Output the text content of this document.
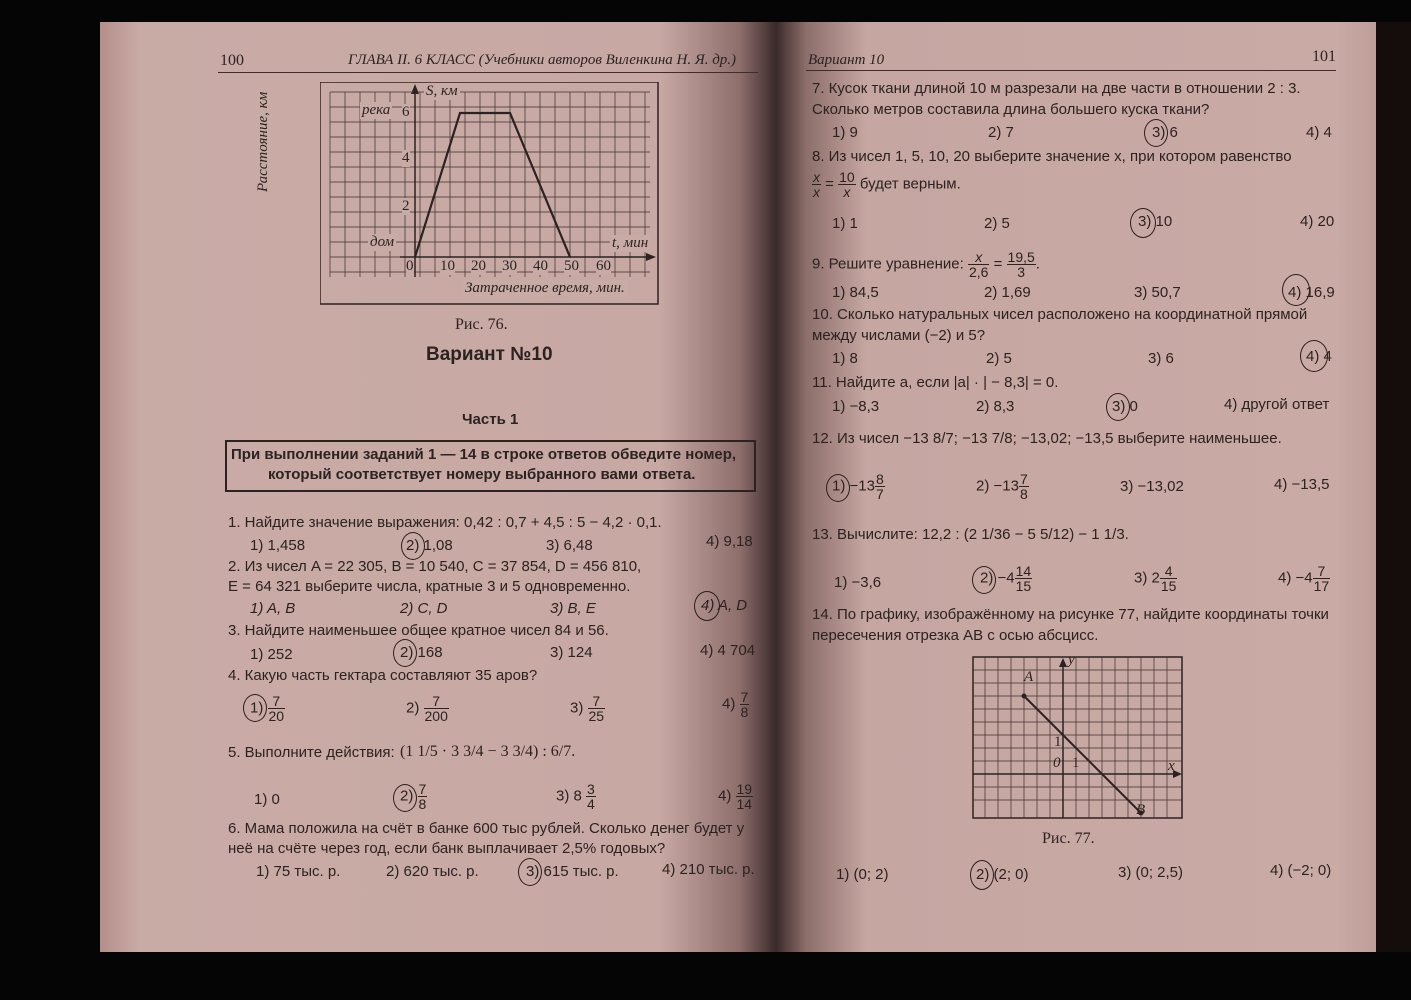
100	ГЛАВА II. 6 КЛАСС (Учебники авторов Виленкина Н. Я. др.)
S, км
река
дом
Расстояние, км	6
4
2
t, мин
0 10 20 30 40 50 60
Затраченное время, мин.
Рис. 76.
Вариант №10
Часть 1
При выполнении заданий 1 — 14 в строке ответов обведите номер,
который соответствует номеру выбранного вами ответа.
1. Найдите значение выражения: 0,42 : 0,7 + 4,5 : 5 − 4,2 · 0,1.
1) 1,458	2) 1,08	3) 6,48	4) 9,18
2. Из чисел A = 22 305, B = 10 540, C = 37 854, D = 456 810,
E = 64 321 выберите числа, кратные 3 и 5 одновременно.
1) A, B	2) C, D	3) B, E	4) A, D
3. Найдите наименьшее общее кратное чисел 84 и 56.
1) 252	2) 168	3) 124	4) 4 704
4. Какую часть гектара составляют 35 аров?
$1) \frac{7}{20}$	$2) \frac{7}{200}$	$3) \frac{7}{25}$	$4) \frac{7}{8}$
5. Выполните действия: (1 1/5 · 3 3/4 − 3 3/4) : 6/7.
1) 0	$2) \frac{7}{8}$	3) $8 \frac{3}{4}$	$4) \frac{19}{14}$
6. Мама положила на счёт в банке 600 тыс рублей. Сколько денег будет у
неё на счёте через год, если банк выплачивает 2,5% годовых?
1) 75 тыс. р.	2) 620 тыс. р.	3) 615 тыс. р.	4) 210 тыс. р.
Вариант 10	101
7. Кусок ткани длиной 10 м разрезали на две части в отношении 2 : 3.
Сколько метров составила длина большего куска ткани?
1) 9	2) 7	3) 6	4) 4
8. Из чисел 1, 5, 10, 20 выберите значение x, при котором равенство
$\frac{x}{x} = \frac{10}{x}$ будет верным.
1) 1	2) 5	3) 10	4) 20
9. Решите уравнение: $\frac{x}{2,6} = \frac{19,5}{3}$ .
1) 84,5	2) 1,69	3) 50,7	4) 16,9
10. Сколько натуральных чисел расположено на координатной прямой
между числами (−2) и 5?
1) 8	2) 5	3) 6	4) 4
11. Найдите a, если |a| · | − 8,3| = 0.
1) −8,3	2) 8,3	3) 0	4) другой ответ
12. Из чисел −13 8/7; −13 7/8; −13,02; −13,5 выберите наименьшее.
$1) -13 \frac{8}{7}$	$2) -13 \frac{7}{8}$	3) −13,02	4) −13,5
13. Вычислите: 12,2 : (2 1/36 − 5 5/12) − 1 1/3.
1) −3,6	$2) -4 \frac{14}{15}$	3) $2 \frac{4}{15}$	$4) -4 \frac{7}{17}$
14. По графику, изображённому на рисунке 77, найдите координаты точки
пересечения отрезка AB с осью абсцисс.
y
x
A
B
0 1
1
Рис. 77.
1) (0; 2)	2) (2; 0)	3) (0; 2,5)	4) (−2; 0)
